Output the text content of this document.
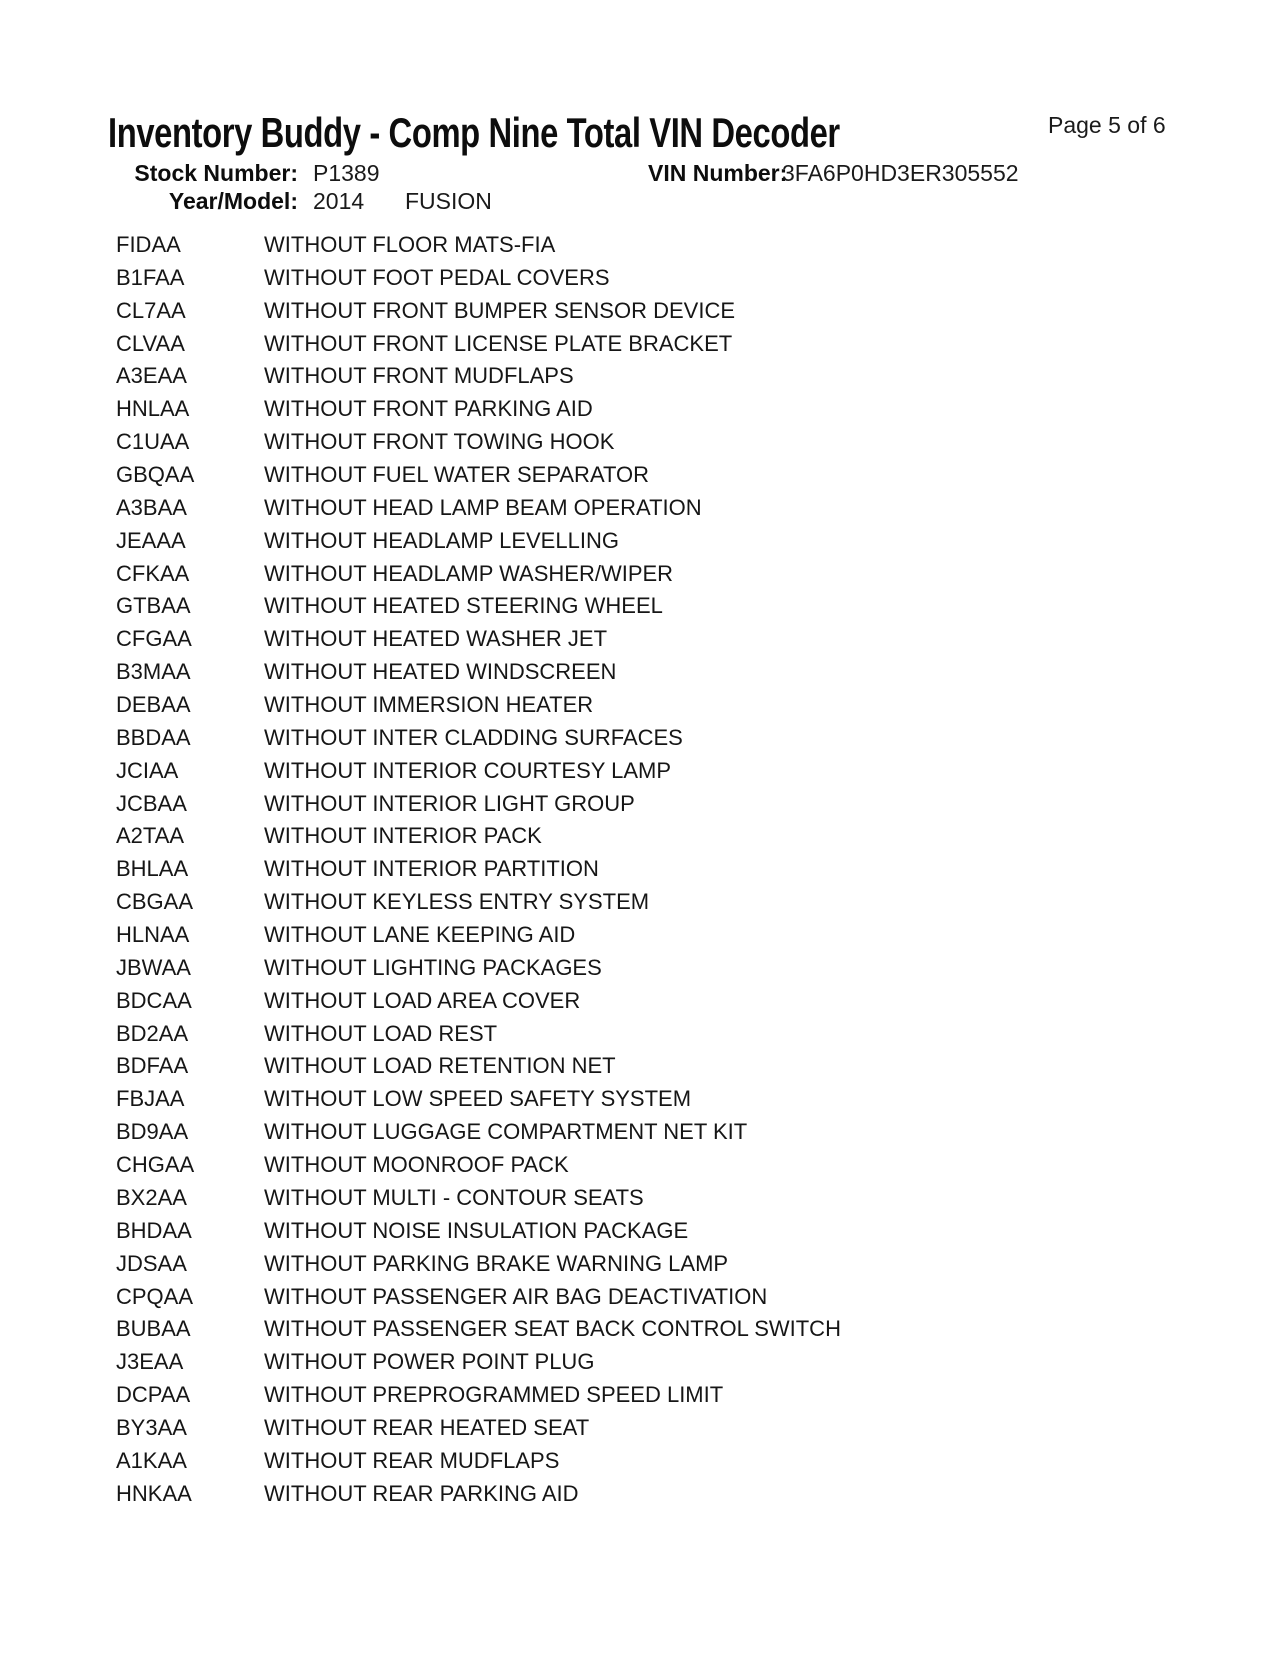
Inventory Buddy - Comp Nine Total VIN Decoder	Page 5 of 6
Stock Number: P1389	VIN Number:
3FA6P0HD3ER305552
Year/Model: 2014 FUSION
FIDAA	WITHOUT FLOOR MATS-FIA
B1FAA	WITHOUT FOOT PEDAL COVERS
CL7AA	WITHOUT FRONT BUMPER SENSOR DEVICE
CLVAA	WITHOUT FRONT LICENSE PLATE BRACKET
A3EAA	WITHOUT FRONT MUDFLAPS
HNLAA	WITHOUT FRONT PARKING AID
C1UAA	WITHOUT FRONT TOWING HOOK
GBQAA	WITHOUT FUEL WATER SEPARATOR
A3BAA	WITHOUT HEAD LAMP BEAM OPERATION
JEAAA	WITHOUT HEADLAMP LEVELLING
CFKAA	WITHOUT HEADLAMP WASHER/WIPER
GTBAA	WITHOUT HEATED STEERING WHEEL
CFGAA	WITHOUT HEATED WASHER JET
B3MAA	WITHOUT HEATED WINDSCREEN
DEBAA	WITHOUT IMMERSION HEATER
BBDAA	WITHOUT INTER CLADDING SURFACES
JCIAA	WITHOUT INTERIOR COURTESY LAMP
JCBAA	WITHOUT INTERIOR LIGHT GROUP
A2TAA	WITHOUT INTERIOR PACK
BHLAA	WITHOUT INTERIOR PARTITION
CBGAA	WITHOUT KEYLESS ENTRY SYSTEM
HLNAA	WITHOUT LANE KEEPING AID
JBWAA	WITHOUT LIGHTING PACKAGES
BDCAA	WITHOUT LOAD AREA COVER
BD2AA	WITHOUT LOAD REST
BDFAA	WITHOUT LOAD RETENTION NET
FBJAA	WITHOUT LOW SPEED SAFETY SYSTEM
BD9AA	WITHOUT LUGGAGE COMPARTMENT NET KIT
CHGAA	WITHOUT MOONROOF PACK
BX2AA	WITHOUT MULTI - CONTOUR SEATS
BHDAA	WITHOUT NOISE INSULATION PACKAGE
JDSAA	WITHOUT PARKING BRAKE WARNING LAMP
CPQAA	WITHOUT PASSENGER AIR BAG DEACTIVATION
BUBAA	WITHOUT PASSENGER SEAT BACK CONTROL SWITCH
J3EAA	WITHOUT POWER POINT PLUG
DCPAA	WITHOUT PREPROGRAMMED SPEED LIMIT
BY3AA	WITHOUT REAR HEATED SEAT
A1KAA	WITHOUT REAR MUDFLAPS
HNKAA	WITHOUT REAR PARKING AID
